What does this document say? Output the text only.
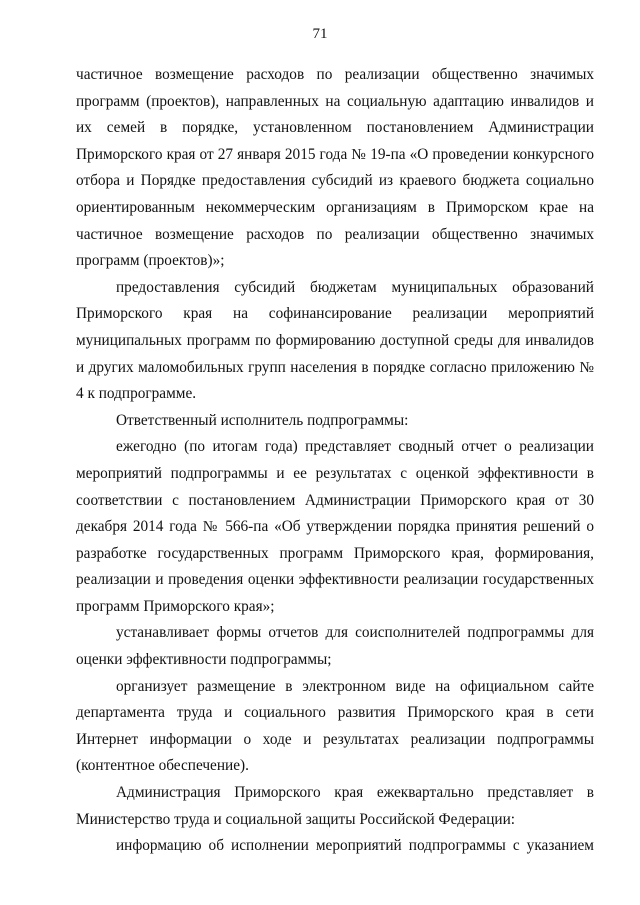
71

частичное возмещение расходов по реализации общественно значимых программ (проектов), направленных на социальную адаптацию инвалидов и их семей в порядке, установленном постановлением Администрации Приморского края от 27 января 2015 года № 19-па «О проведении конкурсного отбора и Порядке предоставления субсидий из краевого бюджета социально ориентированным некоммерческим организациям в Приморском крае на частичное возмещение расходов по реализации общественно значимых программ (проектов)»;

предоставления субсидий бюджетам муниципальных образований Приморского края на софинансирование реализации мероприятий муниципальных программ по формированию доступной среды для инвалидов и других маломобильных групп населения в порядке согласно приложению № 4 к подпрограмме.

Ответственный исполнитель подпрограммы:

ежегодно (по итогам года) представляет сводный отчет о реализации мероприятий подпрограммы и ее результатах с оценкой эффективности в соответствии с постановлением Администрации Приморского края от 30 декабря 2014 года № 566-па «Об утверждении порядка принятия решений о разработке государственных программ Приморского края, формирования, реализации и проведения оценки эффективности реализации государственных программ Приморского края»;

устанавливает формы отчетов для соисполнителей подпрограммы для оценки эффективности подпрограммы;

организует размещение в электронном виде на официальном сайте департамента труда и социального развития Приморского края в сети Интернет информации о ходе и результатах реализации подпрограммы (контентное обеспечение).

Администрация Приморского края ежеквартально представляет в Министерство труда и социальной защиты Российской Федерации:

информацию об исполнении мероприятий подпрограммы с указанием
